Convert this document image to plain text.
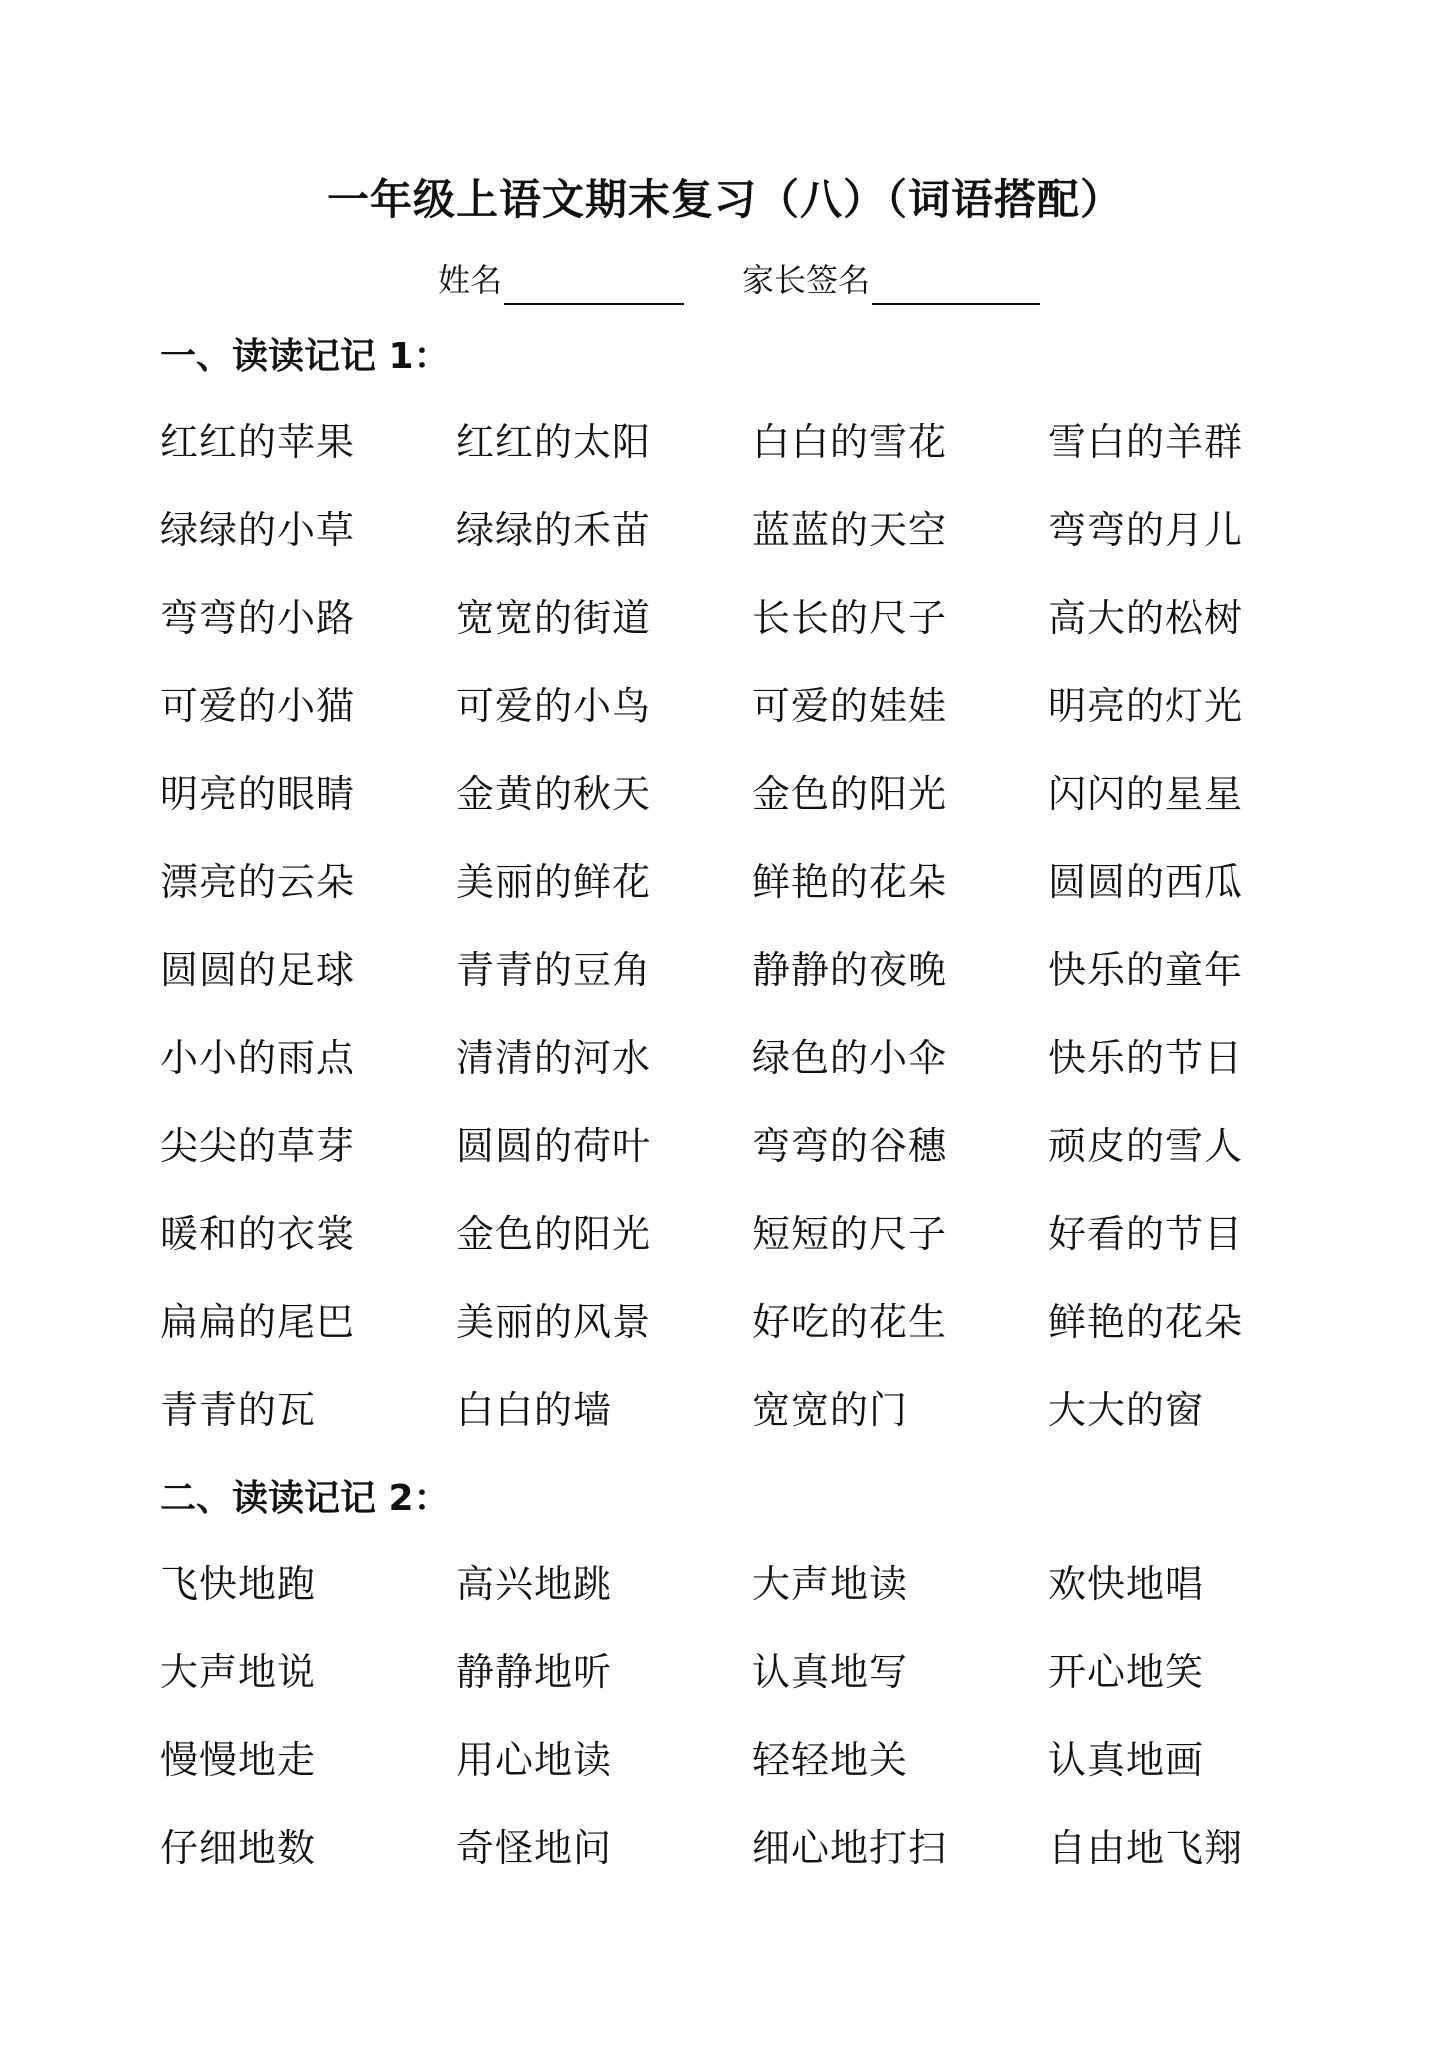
一年级上语文期末复习（八）（词语搭配）
姓名	家长签名
一、读读记记 1：
红红的苹果	红红的太阳	白白的雪花	雪白的羊群
绿绿的小草	绿绿的禾苗	蓝蓝的天空	弯弯的月儿
弯弯的小路	宽宽的街道	长长的尺子	高大的松树
可爱的小猫	可爱的小鸟	可爱的娃娃	明亮的灯光
明亮的眼睛	金黄的秋天	金色的阳光	闪闪的星星
漂亮的云朵	美丽的鲜花	鲜艳的花朵	圆圆的西瓜
圆圆的足球	青青的豆角	静静的夜晚	快乐的童年
小小的雨点	清清的河水	绿色的小伞	快乐的节日
尖尖的草芽	圆圆的荷叶	弯弯的谷穗	顽皮的雪人
暖和的衣裳	金色的阳光	短短的尺子	好看的节目
扁扁的尾巴	美丽的风景	好吃的花生	鲜艳的花朵
青青的瓦	白白的墙	宽宽的门	大大的窗
二、读读记记 2：
飞快地跑	高兴地跳	大声地读	欢快地唱
大声地说	静静地听	认真地写	开心地笑
慢慢地走	用心地读	轻轻地关	认真地画
仔细地数	奇怪地问	细心地打扫	自由地飞翔
